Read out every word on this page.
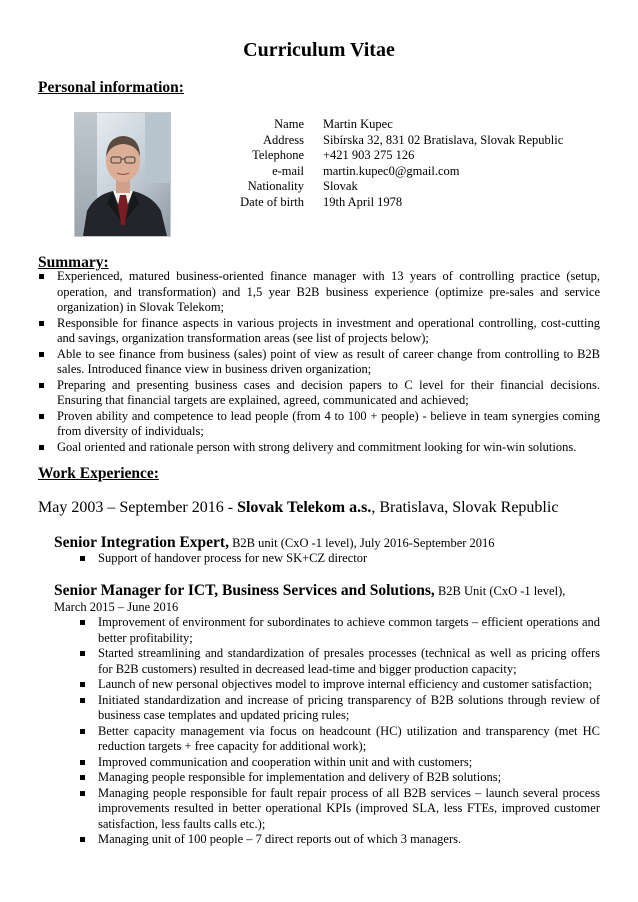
Curriculum Vitae
Personal information:
Name	Martin Kupec
Address	Sibírska 32, 831 02 Bratislava, Slovak Republic
Telephone	+421 903 275 126
e-mail	martin.kupec0@gmail.com
Nationality	Slovak
Date of birth	19th April 1978
Summary:
Experienced, matured business-oriented finance manager with 13 years of controlling practice (setup, operation, and transformation) and 1,5 year B2B business experience (optimize pre-sales and service organization) in Slovak Telekom;
Responsible for finance aspects in various projects in investment and operational controlling, cost-cutting and savings, organization transformation areas (see list of projects below);
Able to see finance from business (sales) point of view as result of career change from controlling to B2B sales. Introduced finance view in business driven organization;
Preparing and presenting business cases and decision papers to C level for their financial decisions. Ensuring that financial targets are explained, agreed, communicated and achieved;
Proven ability and competence to lead people (from 4 to 100 + people) - believe in team synergies coming from diversity of individuals;
Goal oriented and rationale person with strong delivery and commitment looking for win-win solutions.
Work Experience:
May 2003 – September 2016 - Slovak Telekom a.s., Bratislava, Slovak Republic
Senior Integration Expert, B2B unit (CxO -1 level), July 2016-September 2016
Support of handover process for new SK+CZ director
Senior Manager for ICT, Business Services and Solutions, B2B Unit (CxO -1 level), March 2015 – June 2016
Improvement of environment for subordinates to achieve common targets – efficient operations and better profitability;
Started streamlining and standardization of presales processes (technical as well as pricing offers for B2B customers) resulted in decreased lead-time and bigger production capacity;
Launch of new personal objectives model to improve internal efficiency and customer satisfaction;
Initiated standardization and increase of pricing transparency of B2B solutions through review of business case templates and updated pricing rules;
Better capacity management via focus on headcount (HC) utilization and transparency (met HC reduction targets + free capacity for additional work);
Improved communication and cooperation within unit and with customers;
Managing people responsible for implementation and delivery of B2B solutions;
Managing people responsible for fault repair process of all B2B services – launch several process improvements resulted in better operational KPIs (improved SLA, less FTEs, improved customer satisfaction, less faults calls etc.);
Managing unit of 100 people – 7 direct reports out of which 3 managers.
